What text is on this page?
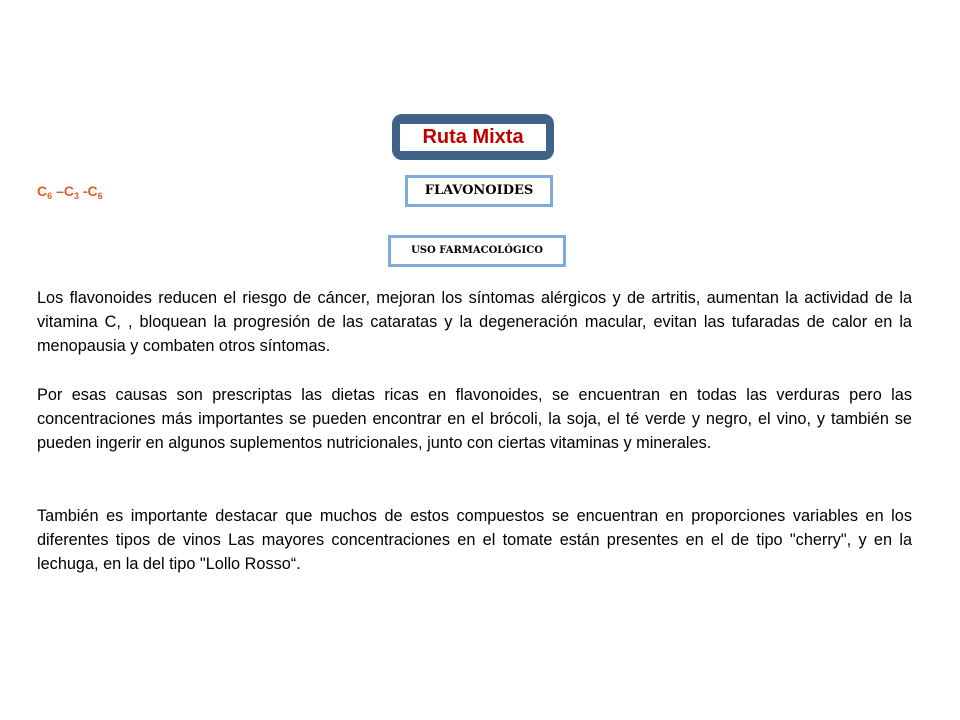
Ruta Mixta
$C_6$ $-C_3$ $-C_6$	FLAVONOIDES
USO FARMACOLÓGICO

Los flavonoides reducen el riesgo de cáncer, mejoran los síntomas alérgicos y de artritis, aumentan la actividad de la vitamina C, , bloquean la progresión de las cataratas y la degeneración macular, evitan las tufaradas de calor en la menopausia y combaten otros síntomas.

Por esas causas son prescriptas las dietas ricas en flavonoides, se encuentran en todas las verduras pero las concentraciones más importantes se pueden encontrar en el brócoli, la soja, el té verde y negro, el vino, y también se pueden ingerir en algunos suplementos nutricionales, junto con ciertas vitaminas y minerales.

También es importante destacar que muchos de estos compuestos se encuentran en proporciones variables en los diferentes tipos de vinos Las mayores concentraciones en el tomate están presentes en el de tipo "cherry", y en la lechuga, en la del tipo "Lollo Rosso“.
